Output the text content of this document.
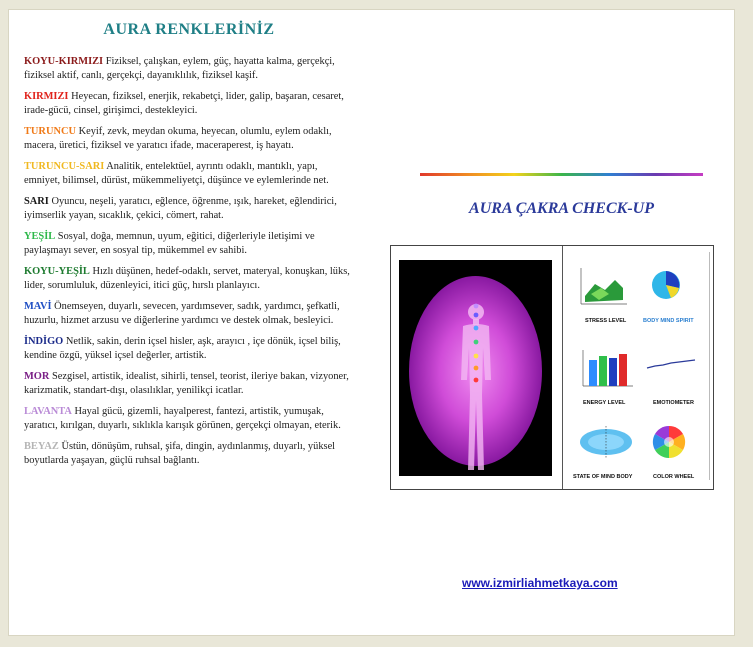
AURA RENKLERİNİZ
KOYU-KIRMIZI Fiziksel, çalışkan, eylem, güç, hayatta kalma, gerçekçi, fiziksel aktif, canlı, gerçekçi, dayanıklılık, fiziksel kaşif.
KIRMIZI Heyecan, fiziksel, enerjik, rekabetçi, lider, galip, başaran, cesaret, irade-gücü, cinsel, girişimci, destekleyici.
TURUNCU Keyif, zevk, meydan okuma, heyecan, olumlu, eylem odaklı, macera, üretici, fiziksel ve yaratıcı ifade, maceraperest, iş hayatı.
TURUNCU-SARI Analitik, entelektüel, ayrıntı odaklı, mantıklı, yapı, emniyet, bilimsel, dürüst, mükemmeliyetçi, düşünce ve eylemlerinde net.
SARI Oyuncu, neşeli, yaratıcı, eğlence, öğrenme, ışık, hareket, eğlendirici, iyimserlik yayan, sıcaklık, çekici, cömert, rahat.
YEŞİL Sosyal, doğa, memnun, uyum, eğitici, diğerleriyle iletişimi ve paylaşmayı sever, en sosyal tip, mükemmel ev sahibi.
KOYU-YEŞİL Hızlı düşünen, hedef-odaklı, servet, materyal, konuşkan, lüks, lider, sorumluluk, düzenleyici, itici güç, hırslı planlayıcı.
MAVİ Önemseyen, duyarlı, sevecen, yardımsever, sadık, yardımcı, şefkatli, huzurlu, hizmet arzusu ve diğerlerine yardımcı ve destek olmak, besleyici.
İNDİGO Netlik, sakin, derin içsel hisler, aşk, arayıcı , içe dönük, içsel biliş, kendine özgü, yüksel içsel değerler, artistik.
MOR Sezgisel, artistik, idealist, sihirli, tensel, teorist, ileriye bakan, vizyoner, karizmatik, standart-dışı, olasılıklar, yenilikçi icatlar.
LAVANTA Hayal gücü, gizemli, hayalperest, fantezi, artistik, yumuşak, yaratıcı, kırılgan, duyarlı, sıklıkla karışık görünen, gerçekçi olmayan, eterik.
BEYAZ Üstün, dönüşüm, ruhsal, şifa, dingin, aydınlanmış, duyarlı, yüksel boyutlarda yaşayan, güçlü ruhsal bağlantı.
AURA ÇAKRA CHECK-UP
STRESS LEVEL	BODY MIND SPIRIT
ENERGY LEVEL	EMOTIOMETER
STATE OF MIND BODY	COLOR WHEEL
www.izmirliahmetkaya.com
